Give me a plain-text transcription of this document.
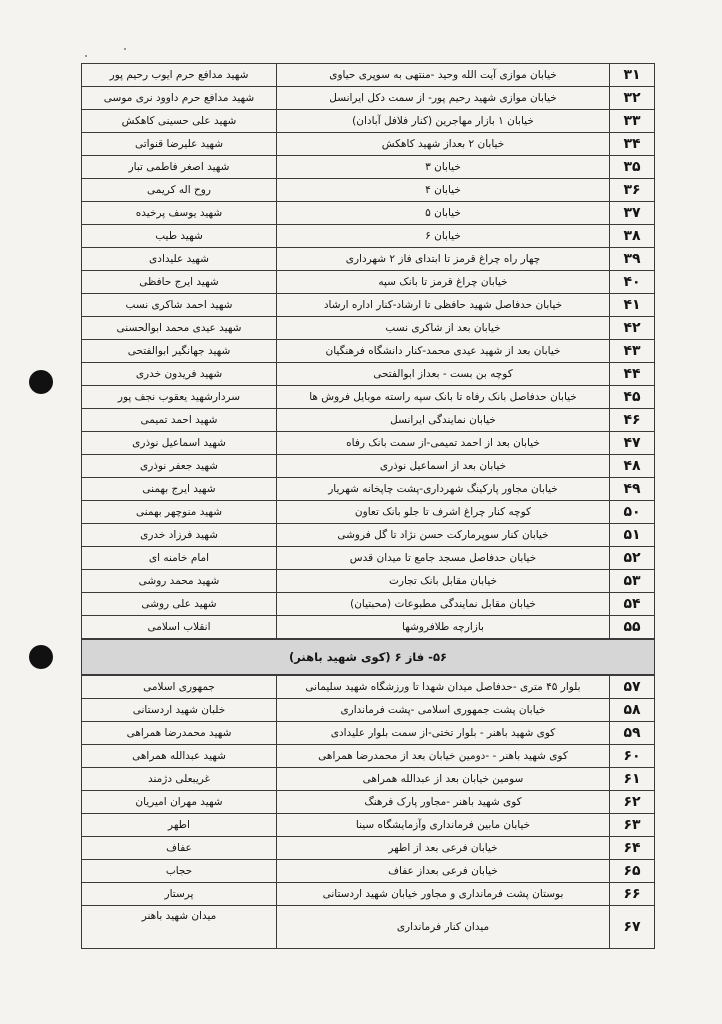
۳۱	خیابان موازی آیت الله وحید -منتهی به سوپری حیاوی	شهید مدافع حرم ایوب رحیم پور
۳۲	خیابان موازی شهید رحیم پور- از سمت دکل ایرانسل	شهید مدافع حرم داوود نری موسی
۳۳	خیابان ۱ بازار مهاجرین (کنار فلافل آبادان)	شهید علی حسینی کاهکش
۳۴	خیابان ۲ بعداز شهید کاهکش	شهید علیرضا قنواتی
۳۵	خیابان ۳	شهید اصغر فاطمی تبار
۳۶	خیابان ۴	روح اله کریمی
۳۷	خیابان ۵	شهید یوسف پرخیده
۳۸	خیابان ۶	شهید طیب
۳۹	چهار راه چراغ قرمز تا ابتدای فاز ۲ شهرداری	شهید علیدادی
۴۰	خیابان چراغ قرمز تا بانک سپه	شهید ایرج حافظی
۴۱	خیابان حدفاصل شهید حافظی تا ارشاد-کنار اداره ارشاد	شهید احمد شاکری نسب
۴۲	خیابان بعد از شاکری نسب	شهید عیدی محمد ابوالحسنی
۴۳	خیابان بعد از شهید عیدی محمد-کنار دانشگاه فرهنگیان	شهید جهانگیر ابوالفتحی
۴۴	کوچه بن بست - بعداز ابوالفتحی	شهید فریدون خدری
۴۵	خیابان حدفاصل بانک رفاه تا بانک سپه راسته موبایل فروش ها	سردارشهید یعقوب نجف پور
۴۶	خیابان نمایندگی ایرانسل	شهید احمد تمیمی
۴۷	خیابان بعد از احمد تمیمی-از سمت بانک رفاه	شهید اسماعیل نوذری
۴۸	خیابان بعد از اسماعیل نوذری	شهید جعفر نوذری
۴۹	خیابان مجاور پارکینگ شهرداری-پشت چاپخانه شهریار	شهید ایرج بهمنی
۵۰	کوچه کنار چراغ اشرف تا جلو بانک تعاون	شهید منوچهر بهمنی
۵۱	خیابان کنار سوپرمارکت حسن نژاد تا گل فروشی	شهید فرزاد خدری
۵۲	خیابان حدفاصل مسجد جامع تا میدان قدس	امام خامنه ای
۵۳	خیابان مقابل بانک تجارت	شهید محمد روشی
۵۴	خیابان مقابل نمایندگی مطبوعات (محبتیان)	شهید علی روشی
۵۵	بازارچه طلافروشها	انقلاب اسلامی
۵۶- فاز ۶ (کوی شهید باهنر)		
۵۷	بلوار ۴۵ متری -حدفاصل میدان شهدا تا ورزشگاه شهید سلیمانی	جمهوری اسلامی
۵۸	خیابان پشت جمهوری اسلامی -پشت فرمانداری	خلبان شهید اردستانی
۵۹	کوی شهید باهنر - بلوار تختی-از سمت بلوار علیدادی	شهید محمدرضا همراهی
۶۰	کوی شهید باهنر - -دومین خیابان بعد از محمدرضا همراهی	شهید عبدالله همراهی
۶۱	سومین خیابان بعد از عبدالله همراهی	غریبعلی دژمند
۶۲	کوی شهید باهنر -مجاور پارک فرهنگ	شهید مهران امیریان
۶۳	خیابان مابین فرمانداری وآزمایشگاه سینا	اطهر
۶۴	خیابان فرعی بعد از اطهر	عفاف
۶۵	خیابان فرعی بعداز عفاف	حجاب
۶۶	بوستان پشت فرمانداری و مجاور خیابان شهید اردستانی	پرستار
۶۷	میدان کنار فرمانداری	میدان شهید باهنر
